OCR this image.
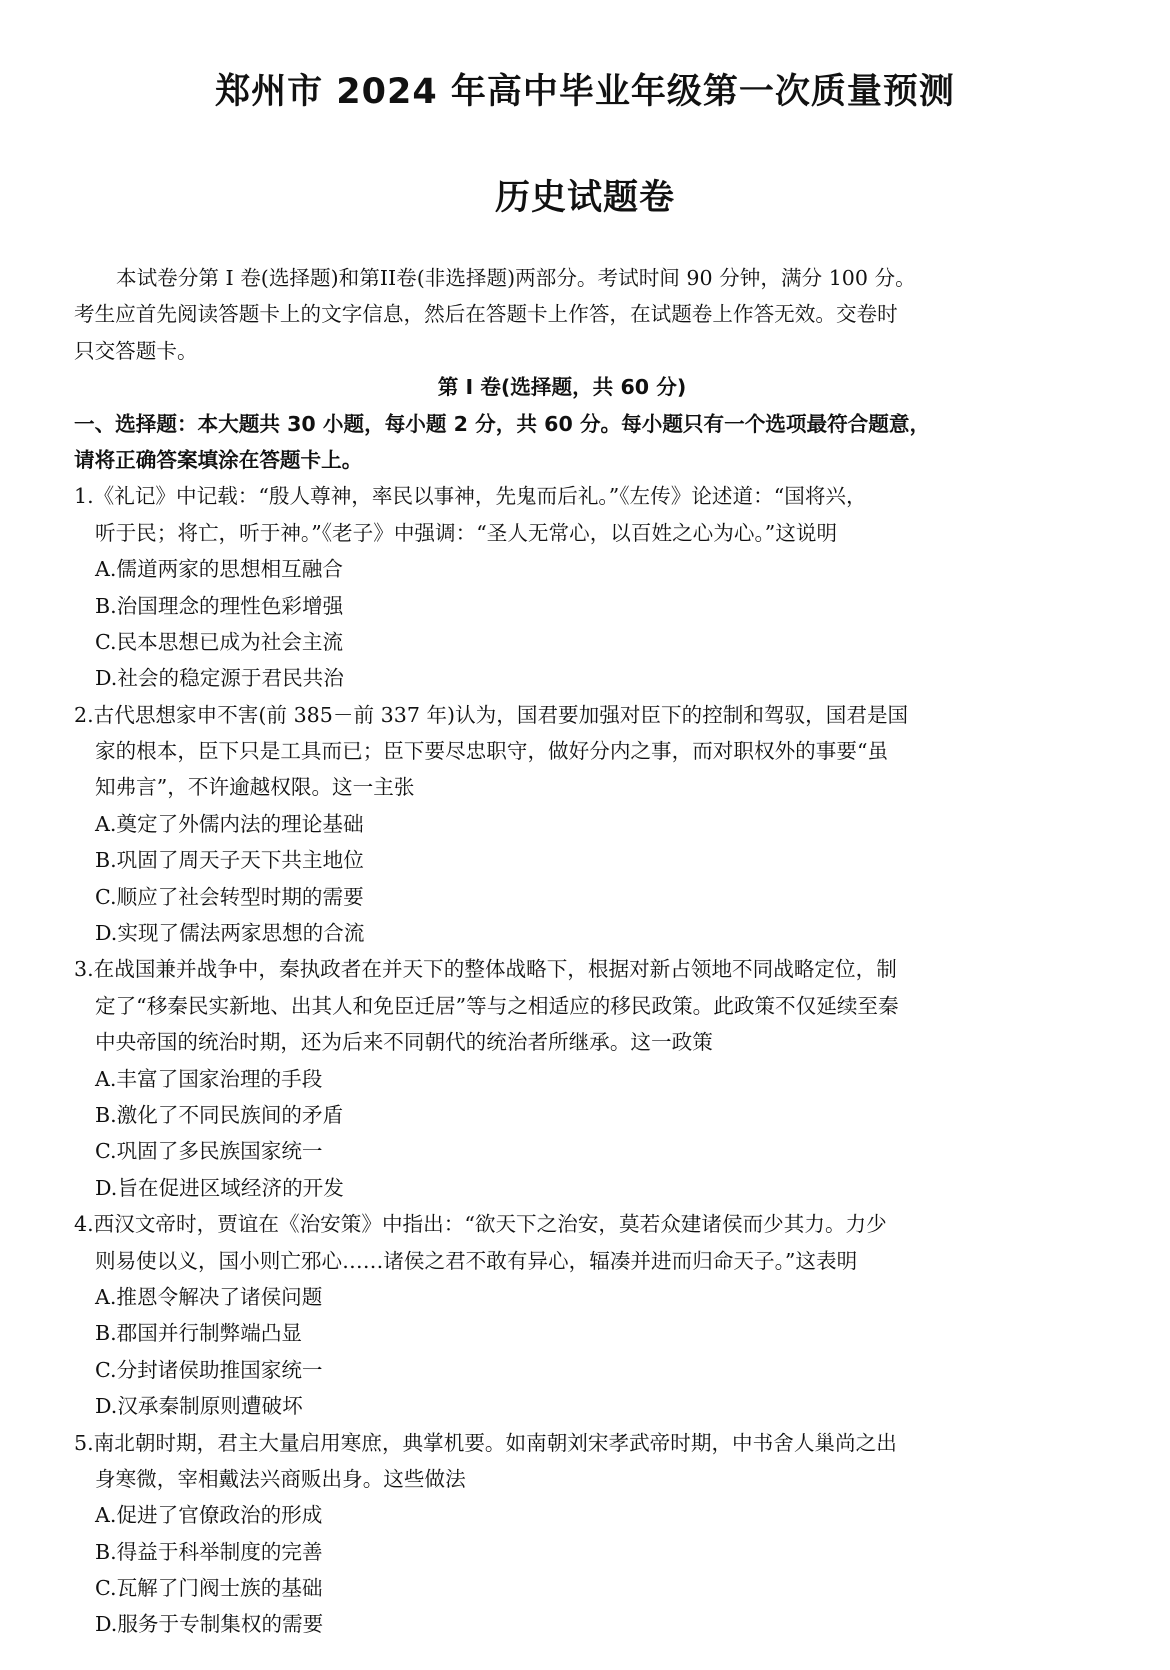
郑州市 2024 年高中毕业年级第一次质量预测
历史试题卷
本试卷分第 I 卷(选择题)和第II卷(非选择题)两部分。考试时间 90 分钟，满分 100 分。
考生应首先阅读答题卡上的文字信息，然后在答题卡上作答，在试题卷上作答无效。交卷时
只交答题卡。
第 I 卷(选择题，共 60 分)
一、选择题：本大题共 30 小题，每小题 2 分，共 60 分。每小题只有一个选项最符合题意，
请将正确答案填涂在答题卡上。
1.《礼记》中记载：“殷人尊神，率民以事神，先鬼而后礼。”《左传》论述道：“国将兴，
听于民；将亡，听于神。”《老子》中强调：“圣人无常心，以百姓之心为心。”这说明
A.儒道两家的思想相互融合
B.治国理念的理性色彩增强
C.民本思想已成为社会主流
D.社会的稳定源于君民共治
2.古代思想家申不害(前 385－前 337 年)认为，国君要加强对臣下的控制和驾驭，国君是国
家的根本，臣下只是工具而已；臣下要尽忠职守，做好分内之事，而对职权外的事要“虽
知弗言”，不许逾越权限。这一主张
A.奠定了外儒内法的理论基础
B.巩固了周天子天下共主地位
C.顺应了社会转型时期的需要
D.实现了儒法两家思想的合流
3.在战国兼并战争中，秦执政者在并天下的整体战略下，根据对新占领地不同战略定位，制
定了“移秦民实新地、出其人和免臣迁居”等与之相适应的移民政策。此政策不仅延续至秦
中央帝国的统治时期，还为后来不同朝代的统治者所继承。这一政策
A.丰富了国家治理的手段
B.激化了不同民族间的矛盾
C.巩固了多民族国家统一
D.旨在促进区域经济的开发
4.西汉文帝时，贾谊在《治安策》中指出：“欲天下之治安，莫若众建诸侯而少其力。力少
则易使以义，国小则亡邪心……诸侯之君不敢有异心，辐凑并进而归命天子。”这表明
A.推恩令解决了诸侯问题
B.郡国并行制弊端凸显
C.分封诸侯助推国家统一
D.汉承秦制原则遭破坏
5.南北朝时期，君主大量启用寒庶，典掌机要。如南朝刘宋孝武帝时期，中书舍人巢尚之出
身寒微，宰相戴法兴商贩出身。这些做法
A.促进了官僚政治的形成
B.得益于科举制度的完善
C.瓦解了门阀士族的基础
D.服务于专制集权的需要
